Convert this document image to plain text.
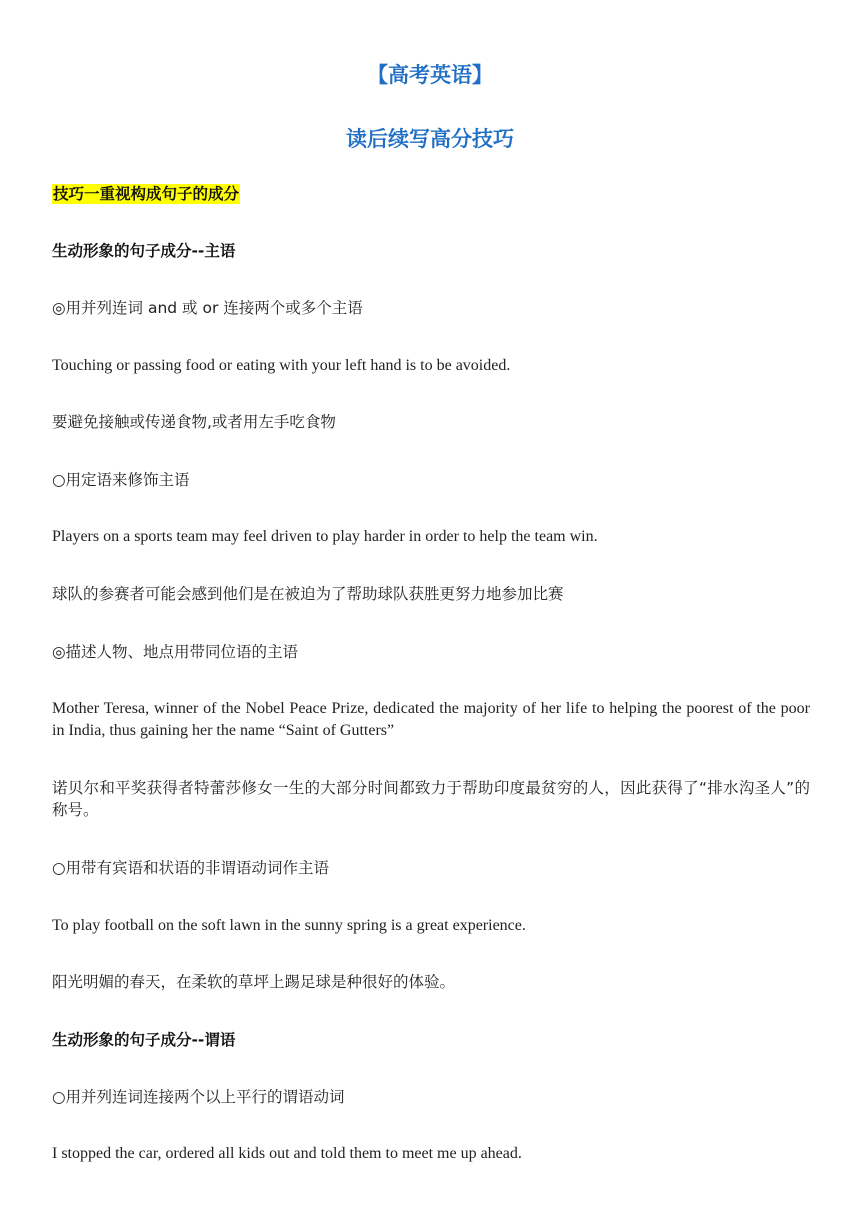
【高考英语】
读后续写高分技巧
技巧一重视构成句子的成分
生动形象的句子成分--主语
◎用并列连词 and 或 or 连接两个或多个主语
Touching or passing food or eating with your left hand is to be avoided.
要避免接触或传递食物,或者用左手吃食物
○用定语来修饰主语
Players on a sports team may feel driven to play harder in order to help the team win.
球队的参赛者可能会感到他们是在被迫为了帮助球队获胜更努力地参加比赛
◎描述人物、地点用带同位语的主语
Mother Teresa, winner of the Nobel Peace Prize, dedicated the majority of her life to helping the poorest of the poor in India, thus gaining her the name “Saint of Gutters”
诺贝尔和平奖获得者特蕾莎修女一生的大部分时间都致力于帮助印度最贫穷的人，因此获得了“排水沟圣人”的称号。
○用带有宾语和状语的非谓语动词作主语
To play football on the soft lawn in the sunny spring is a great experience.
阳光明媚的春天，在柔软的草坪上踢足球是种很好的体验。
生动形象的句子成分--谓语
○用并列连词连接两个以上平行的谓语动词
I stopped the car, ordered all kids out and told them to meet me up ahead.
